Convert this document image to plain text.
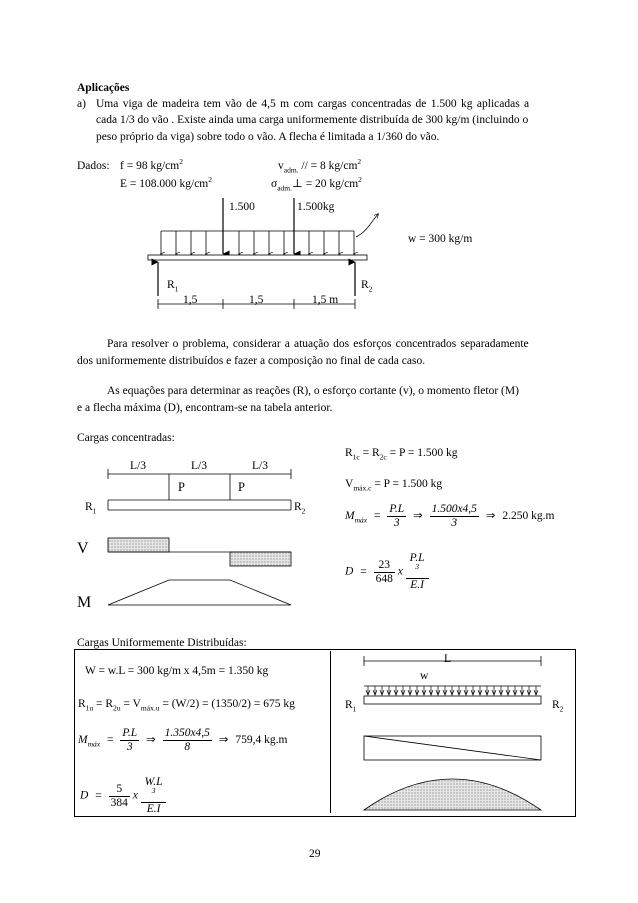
Aplicações
a) Uma viga de madeira tem vão de 4,5 m com cargas concentradas de 1.500 kg aplicadas a
cada 1/3 do vão . Existe ainda uma carga uniformemente distribuída de 300 kg/m (incluindo o
peso próprio da viga) sobre todo o vão. A flecha é limitada a 1/360 do vão.
Dados: f = 98 $kg/cm^2$
E = 108.000 $kg/cm^2$
$v_{adm.}$ // = 8 $kg/cm^2$
$\sigma_{adm.}\perp = 20$ $kg/cm^2$
1.500	1.500kg
w = 300 kg/m
$R_1$	$R_2$
1,5	1,5	1,5 m
Para resolver o problema, considerar a atuação dos esforços concentrados separadamente
dos uniformemente distribuídos e fazer a composição no final de cada caso.
As equações para determinar as reações (R), o esforço cortante (v), o momento fletor (M)
e a flecha máxima (D), encontram-se na tabela anterior.
Cargas concentradas:
L/3	L/3	L/3
P	P
$R_1$	$R_2$
V
M
$R_{1c} = R_{2c} = P = 1.500$ kg
$V_{máx.c} = P = 1.500$ kg
$M_{máx} = \frac{P.L}{3}$ ⇒ $\frac{1.500x4,5}{3}$ ⇒ 2.250 kg.m
$D = \frac{23}{648}$ x P.L
$^3$
E.I
Cargas Uniformemente Distribuídas:
W = w.L = 300 kg/m x 4,5m = 1.350 kg
$R_{1u} = R_{2u} = V_{máx.u} = (W/2) = (1350/2) = 675$ kg
$M_{máx} = \frac{P.L}{3}$ ⇒ $\frac{1.350x4,5}{8}$ ⇒ 759,4 kg.m
$D = \frac{5}{384}$ x W.L
$^3$
E.I
L
w
$R_1$	$R_2$
29
